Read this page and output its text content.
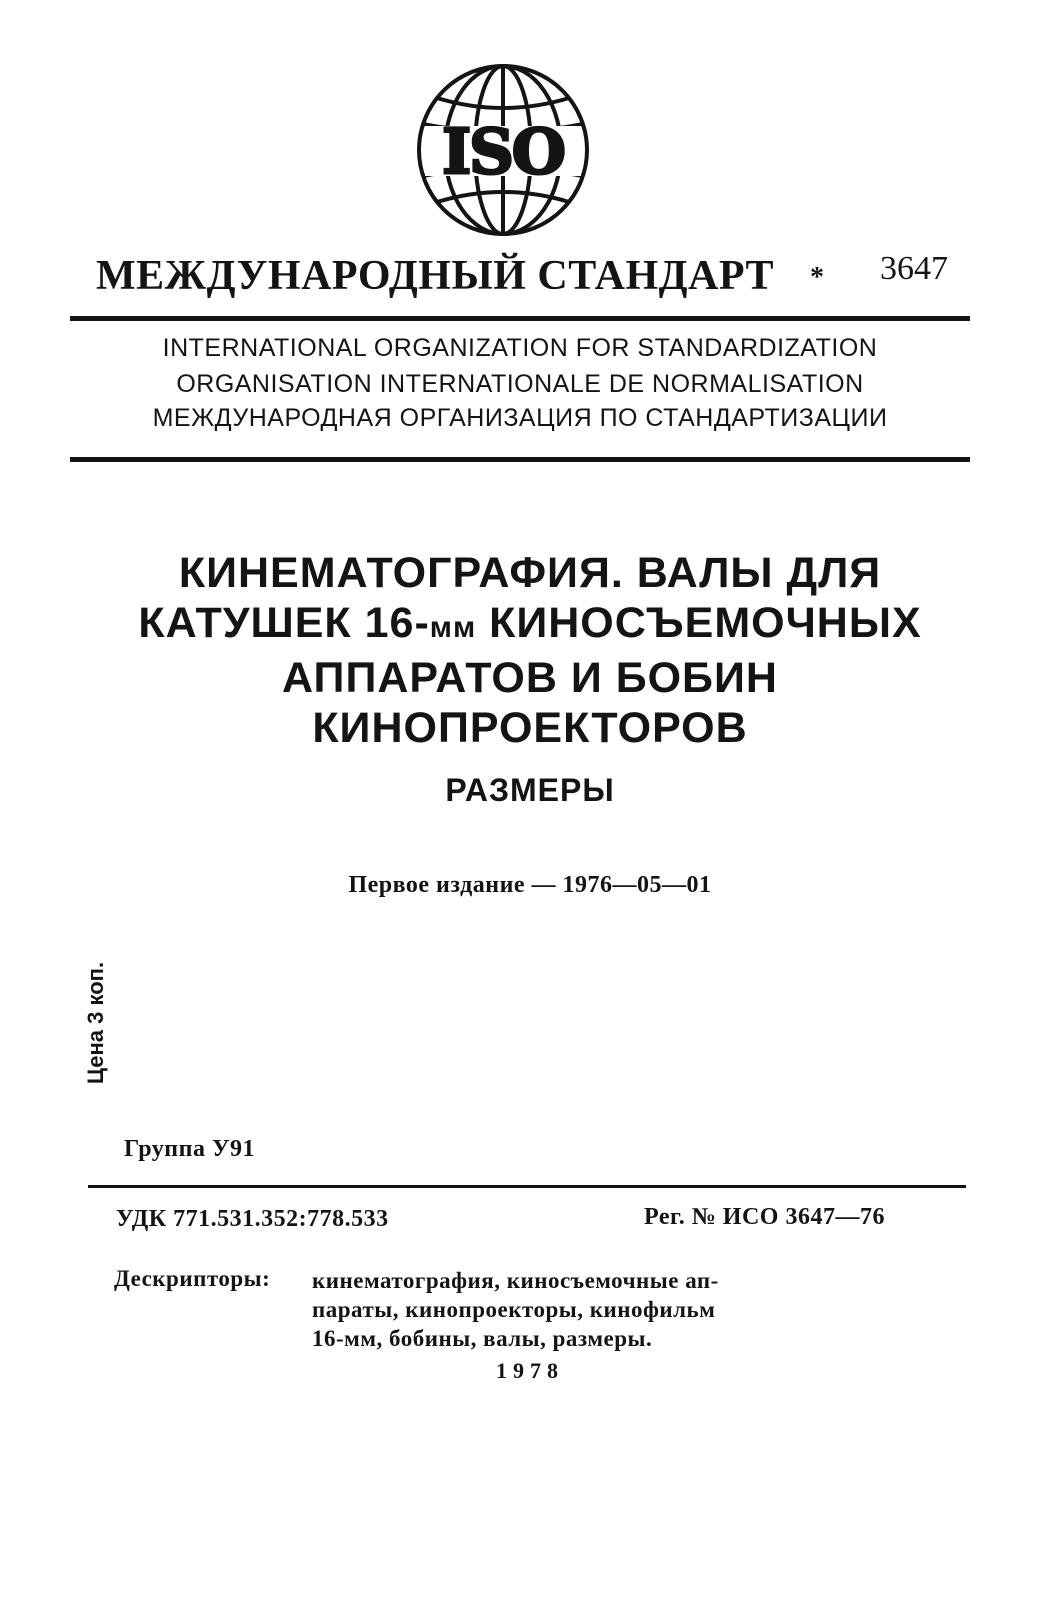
ISO
МЕЖДУНАРОДНЫЙ СТАНДАРТ * 3647
INTERNATIONAL ORGANIZATION FOR STANDARDIZATION
ORGANISATION INTERNATIONALE DE NORMALISATION
МЕЖДУНАРОДНАЯ ОРГАНИЗАЦИЯ ПО СТАНДАРТИЗАЦИИ
КИНЕМАТОГРАФИЯ. ВАЛЫ ДЛЯ
КАТУШЕК 16-мм КИНОСЪЕМОЧНЫХ
АППАРАТОВ И БОБИН
КИНОПРОЕКТОРОВ
РАЗМЕРЫ
Первое издание — 1976—05—01
Цена 3 коп.
Группа У91
УДК 771.531.352:778.533	Рег. № ИСО 3647—76
Дескрипторы: кинематография, киносъемочные ап-
параты, кинопроекторы, кинофильм
16-мм, бобины, валы, размеры.
1978
